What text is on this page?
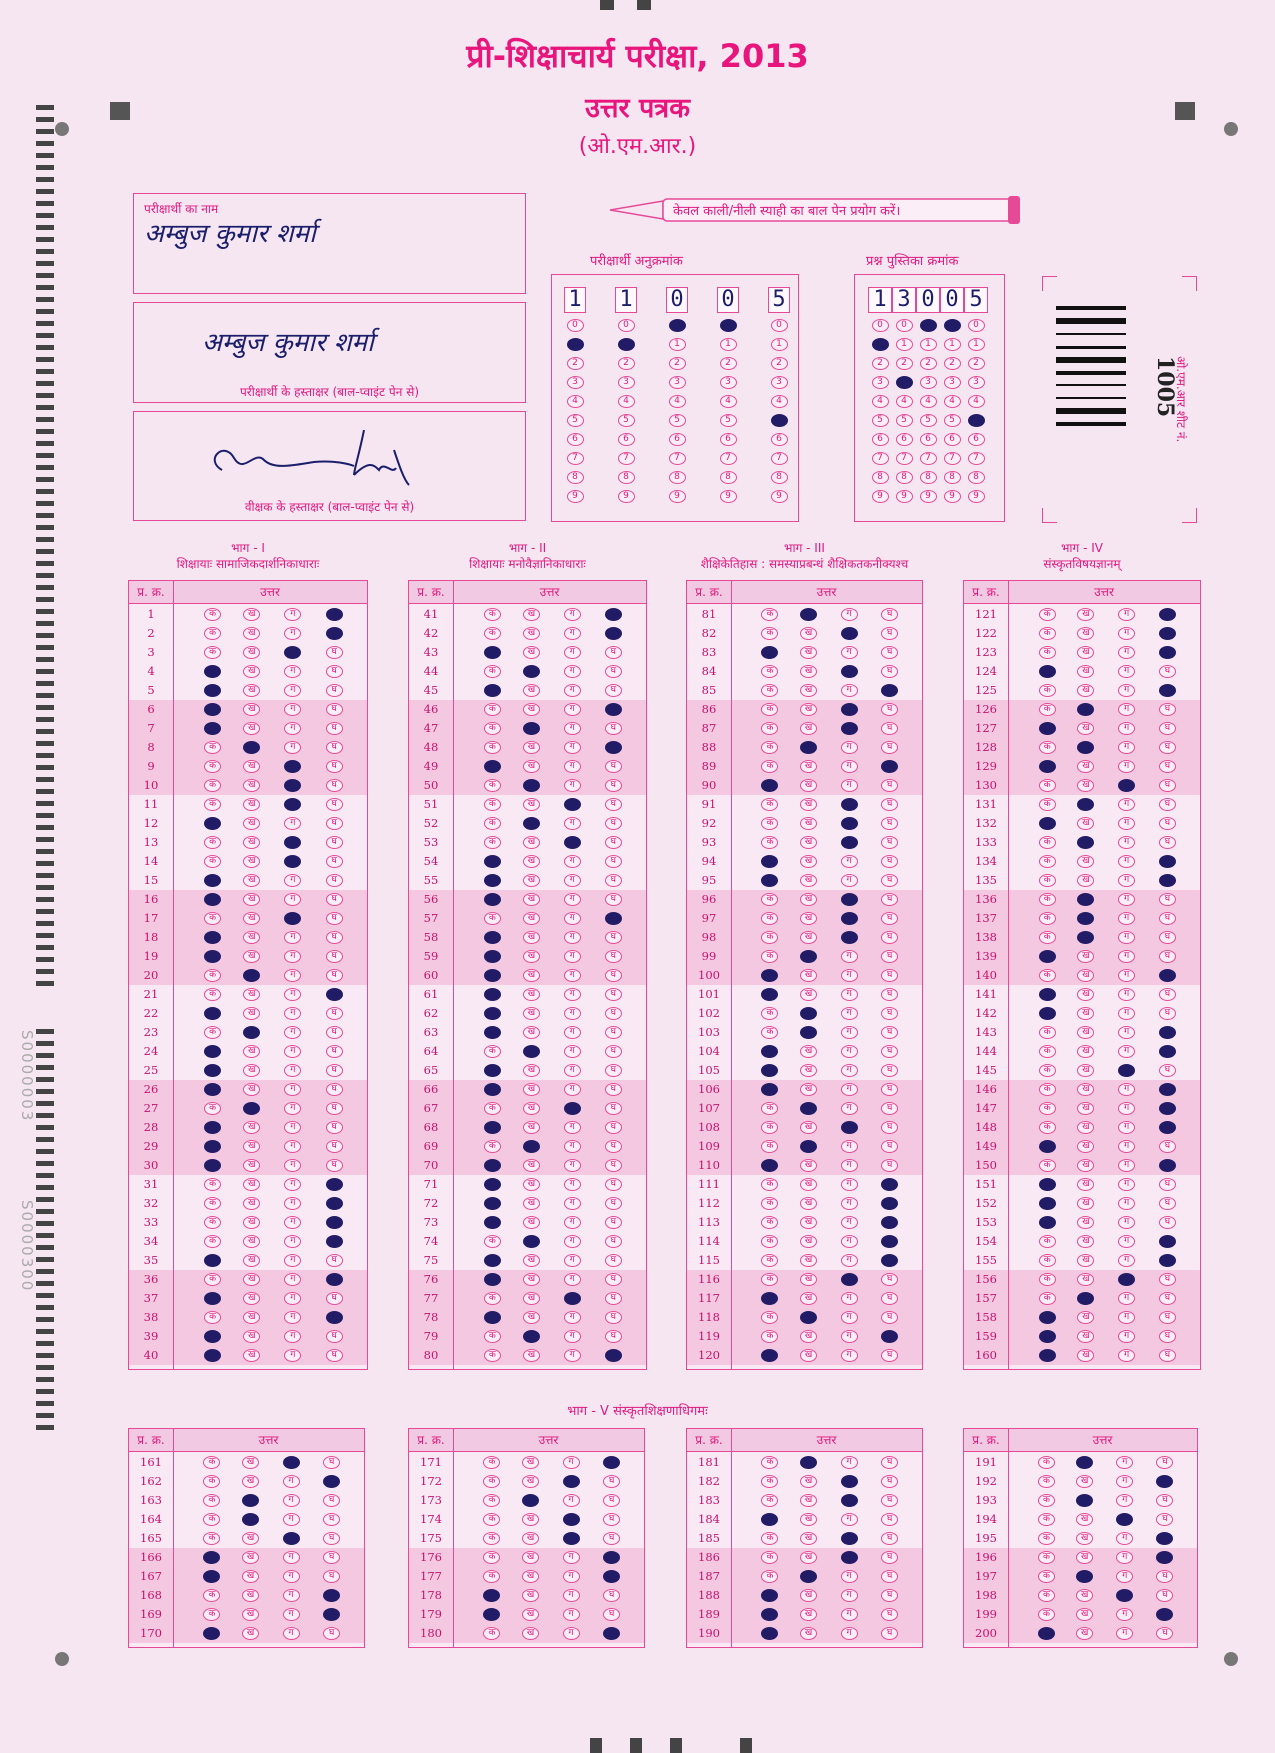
प्री-शिक्षाचार्य परीक्षा, 2013
उत्तर पत्रक
(ओ.एम.आर.)
S0000003
S0000300
परीक्षार्थी का नाम
अम्बुज कुमार शर्मा
अम्बुज कुमार शर्मा
परीक्षार्थी के हस्ताक्षर (बाल-प्वाइंट पेन से)
वीक्षक के हस्ताक्षर (बाल-प्वाइंट पेन से)
केवल काली/नीली स्याही का बाल पेन प्रयोग करें।
परीक्षार्थी अनुक्रमांक
1
0
1
2
3
4
5
6
7
8
9
1
0
1
2
3
4
5
6
7
8
9
0
0
1
2
3
4
5
6
7
8
9
0
0
1
2
3
4
5
6
7
8
9
5
0
1
2
3
4
5
6
7
8
9
प्रश्न पुस्तिका क्रमांक
1
0
1
2
3
4
5
6
7
8
9
3
0
1
2
3
4
5
6
7
8
9
0
0
1
2
3
4
5
6
7
8
9
0
0
1
2
3
4
5
6
7
8
9
5
0
1
2
3
4
5
6
7
8
9
ओ.एम.आर शीट नं.
1005
भाग - I
शिक्षायाः सामाजिकदार्शनिकाधाराः
प्र. क्र.	उत्तर
1	क	ख	ग	घ
2	क	ख	ग	घ
3	क	ख	ग	घ
4	क	ख	ग	घ
5	क	ख	ग	घ
6	क	ख	ग	घ
7	क	ख	ग	घ
8	क	ख	ग	घ
9	क	ख	ग	घ
10	क	ख	ग	घ
11	क	ख	ग	घ
12	क	ख	ग	घ
13	क	ख	ग	घ
14	क	ख	ग	घ
15	क	ख	ग	घ
16	क	ख	ग	घ
17	क	ख	ग	घ
18	क	ख	ग	घ
19	क	ख	ग	घ
20	क	ख	ग	घ
21	क	ख	ग	घ
22	क	ख	ग	घ
23	क	ख	ग	घ
24	क	ख	ग	घ
25	क	ख	ग	घ
26	क	ख	ग	घ
27	क	ख	ग	घ
28	क	ख	ग	घ
29	क	ख	ग	घ
30	क	ख	ग	घ
31	क	ख	ग	घ
32	क	ख	ग	घ
33	क	ख	ग	घ
34	क	ख	ग	घ
35	क	ख	ग	घ
36	क	ख	ग	घ
37	क	ख	ग	घ
38	क	ख	ग	घ
39	क	ख	ग	घ
40	क	ख	ग	घ
भाग - II
शिक्षायाः मनोवैज्ञानिकाधाराः
प्र. क्र.	उत्तर
41	क	ख	ग	घ
42	क	ख	ग	घ
43	क	ख	ग	घ
44	क	ख	ग	घ
45	क	ख	ग	घ
46	क	ख	ग	घ
47	क	ख	ग	घ
48	क	ख	ग	घ
49	क	ख	ग	घ
50	क	ख	ग	घ
51	क	ख	ग	घ
52	क	ख	ग	घ
53	क	ख	ग	घ
54	क	ख	ग	घ
55	क	ख	ग	घ
56	क	ख	ग	घ
57	क	ख	ग	घ
58	क	ख	ग	घ
59	क	ख	ग	घ
60	क	ख	ग	घ
61	क	ख	ग	घ
62	क	ख	ग	घ
63	क	ख	ग	घ
64	क	ख	ग	घ
65	क	ख	ग	घ
66	क	ख	ग	घ
67	क	ख	ग	घ
68	क	ख	ग	घ
69	क	ख	ग	घ
70	क	ख	ग	घ
71	क	ख	ग	घ
72	क	ख	ग	घ
73	क	ख	ग	घ
74	क	ख	ग	घ
75	क	ख	ग	घ
76	क	ख	ग	घ
77	क	ख	ग	घ
78	क	ख	ग	घ
79	क	ख	ग	घ
80	क	ख	ग	घ
भाग - III
शैक्षिकेतिहास : समस्याप्रबन्धं शैक्षिकतकनीक्यश्च
प्र. क्र.	उत्तर
81	क	ख	ग	घ
82	क	ख	ग	घ
83	क	ख	ग	घ
84	क	ख	ग	घ
85	क	ख	ग	घ
86	क	ख	ग	घ
87	क	ख	ग	घ
88	क	ख	ग	घ
89	क	ख	ग	घ
90	क	ख	ग	घ
91	क	ख	ग	घ
92	क	ख	ग	घ
93	क	ख	ग	घ
94	क	ख	ग	घ
95	क	ख	ग	घ
96	क	ख	ग	घ
97	क	ख	ग	घ
98	क	ख	ग	घ
99	क	ख	ग	घ
100	क	ख	ग	घ
101	क	ख	ग	घ
102	क	ख	ग	घ
103	क	ख	ग	घ
104	क	ख	ग	घ
105	क	ख	ग	घ
106	क	ख	ग	घ
107	क	ख	ग	घ
108	क	ख	ग	घ
109	क	ख	ग	घ
110	क	ख	ग	घ
111	क	ख	ग	घ
112	क	ख	ग	घ
113	क	ख	ग	घ
114	क	ख	ग	घ
115	क	ख	ग	घ
116	क	ख	ग	घ
117	क	ख	ग	घ
118	क	ख	ग	घ
119	क	ख	ग	घ
120	क	ख	ग	घ
भाग - IV
संस्कृतविषयज्ञानम्
प्र. क्र.	उत्तर
121	क	ख	ग	घ
122	क	ख	ग	घ
123	क	ख	ग	घ
124	क	ख	ग	घ
125	क	ख	ग	घ
126	क	ख	ग	घ
127	क	ख	ग	घ
128	क	ख	ग	घ
129	क	ख	ग	घ
130	क	ख	ग	घ
131	क	ख	ग	घ
132	क	ख	ग	घ
133	क	ख	ग	घ
134	क	ख	ग	घ
135	क	ख	ग	घ
136	क	ख	ग	घ
137	क	ख	ग	घ
138	क	ख	ग	घ
139	क	ख	ग	घ
140	क	ख	ग	घ
141	क	ख	ग	घ
142	क	ख	ग	घ
143	क	ख	ग	घ
144	क	ख	ग	घ
145	क	ख	ग	घ
146	क	ख	ग	घ
147	क	ख	ग	घ
148	क	ख	ग	घ
149	क	ख	ग	घ
150	क	ख	ग	घ
151	क	ख	ग	घ
152	क	ख	ग	घ
153	क	ख	ग	घ
154	क	ख	ग	घ
155	क	ख	ग	घ
156	क	ख	ग	घ
157	क	ख	ग	घ
158	क	ख	ग	घ
159	क	ख	ग	घ
160	क	ख	ग	घ
प्र. क्र.	उत्तर
161	क	ख	ग	घ
162	क	ख	ग	घ
163	क	ख	ग	घ
164	क	ख	ग	घ
165	क	ख	ग	घ
166	क	ख	ग	घ
167	क	ख	ग	घ
168	क	ख	ग	घ
169	क	ख	ग	घ
170	क	ख	ग	घ
प्र. क्र.	उत्तर
171	क	ख	ग	घ
172	क	ख	ग	घ
173	क	ख	ग	घ
174	क	ख	ग	घ
175	क	ख	ग	घ
176	क	ख	ग	घ
177	क	ख	ग	घ
178	क	ख	ग	घ
179	क	ख	ग	घ
180	क	ख	ग	घ
प्र. क्र.	उत्तर
181	क	ख	ग	घ
182	क	ख	ग	घ
183	क	ख	ग	घ
184	क	ख	ग	घ
185	क	ख	ग	घ
186	क	ख	ग	घ
187	क	ख	ग	घ
188	क	ख	ग	घ
189	क	ख	ग	घ
190	क	ख	ग	घ
प्र. क्र.	उत्तर
191	क	ख	ग	घ
192	क	ख	ग	घ
193	क	ख	ग	घ
194	क	ख	ग	घ
195	क	ख	ग	घ
196	क	ख	ग	घ
197	क	ख	ग	घ
198	क	ख	ग	घ
199	क	ख	ग	घ
200	क	ख	ग	घ
भाग - V संस्कृतशिक्षणाधिगमः
